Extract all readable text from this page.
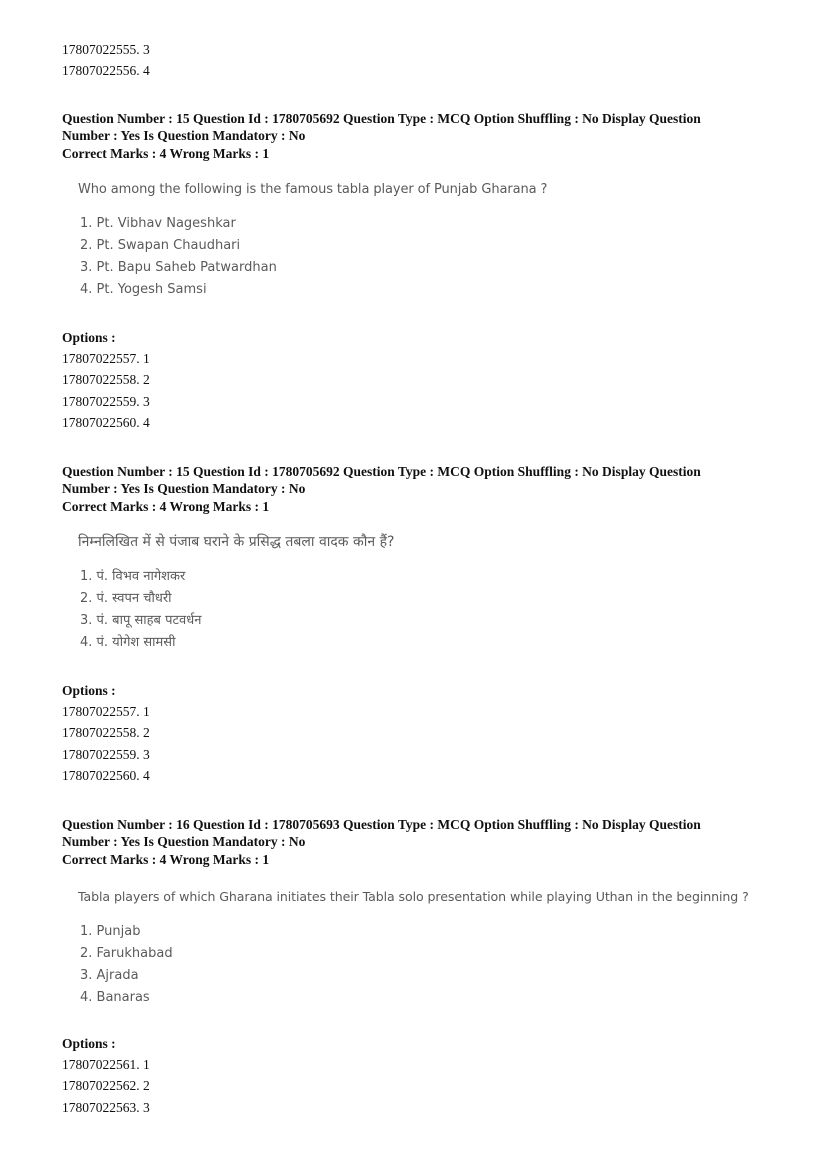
17807022555. 3
17807022556. 4
Question Number : 15 Question Id : 1780705692 Question Type : MCQ Option Shuffling : No Display Question
Number : Yes Is Question Mandatory : No
Correct Marks : 4 Wrong Marks : 1
Who among the following is the famous tabla player of Punjab Gharana ?
1. Pt. Vibhav Nageshkar
2. Pt. Swapan Chaudhari
3. Pt. Bapu Saheb Patwardhan
4. Pt. Yogesh Samsi
Options :
17807022557. 1
17807022558. 2
17807022559. 3
17807022560. 4
Question Number : 15 Question Id : 1780705692 Question Type : MCQ Option Shuffling : No Display Question
Number : Yes Is Question Mandatory : No
Correct Marks : 4 Wrong Marks : 1
निम्नलिखित में से पंजाब घराने के प्रसिद्ध तबला वादक कौन हैं?
1. पं. विभव नागेशकर
2. पं. स्वपन चौधरी
3. पं. बापू साहब पटवर्धन
4. पं. योगेश सामसी
Options :
17807022557. 1
17807022558. 2
17807022559. 3
17807022560. 4
Question Number : 16 Question Id : 1780705693 Question Type : MCQ Option Shuffling : No Display Question
Number : Yes Is Question Mandatory : No
Correct Marks : 4 Wrong Marks : 1
Tabla players of which Gharana initiates their Tabla solo presentation while playing Uthan in the beginning ?
1. Punjab
2. Farukhabad
3. Ajrada
4. Banaras
Options :
17807022561. 1
17807022562. 2
17807022563. 3
